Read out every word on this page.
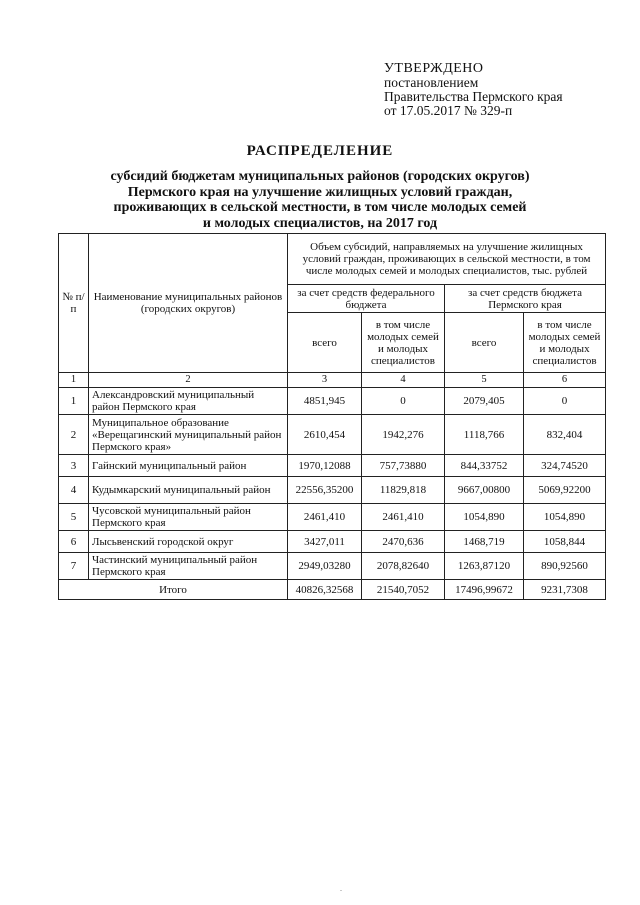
УТВЕРЖДЕНО
постановлением
Правительства Пермского края
от 17.05.2017 № 329-п
РАСПРЕДЕЛЕНИЕ
субсидий бюджетам муниципальных районов (городских округов)
Пермского края на улучшение жилищных условий граждан,
проживающих в сельской местности, в том числе молодых семей
и молодых специалистов, на 2017 год
№ п/п	Наименование муниципальных районов (городских округов)	Объем субсидий, направляемых на улучшение жилищных условий граждан, проживающих в сельской местности, в том числе молодых семей и молодых специалистов, тыс. рублей			
		за счет средств федерального бюджета		за счет средств бюджета Пермского края	
		всего	в том числе молодых семей и молодых специалистов	всего	в том числе молодых семей и молодых специалистов
1	2	3	4	5	6
1	Александровский муниципальный район Пермского края	4851,945	0	2079,405	0
2	Муниципальное образование «Верещагинский муниципальный район Пермского края»	2610,454	1942,276	1118,766	832,404
3	Гайнский муниципальный район	1970,12088	757,73880	844,33752	324,74520
4	Кудымкарский муниципальный район	22556,35200	11829,818	9667,00800	5069,92200
5	Чусовской муниципальный район Пермского края	2461,410	2461,410	1054,890	1054,890
6	Лысьвенский городской округ	3427,011	2470,636	1468,719	1058,844
7	Частинский муниципальный район Пермского края	2949,03280	2078,82640	1263,87120	890,92560
Итого		40826,32568	21540,7052	17496,99672	9231,7308
.
